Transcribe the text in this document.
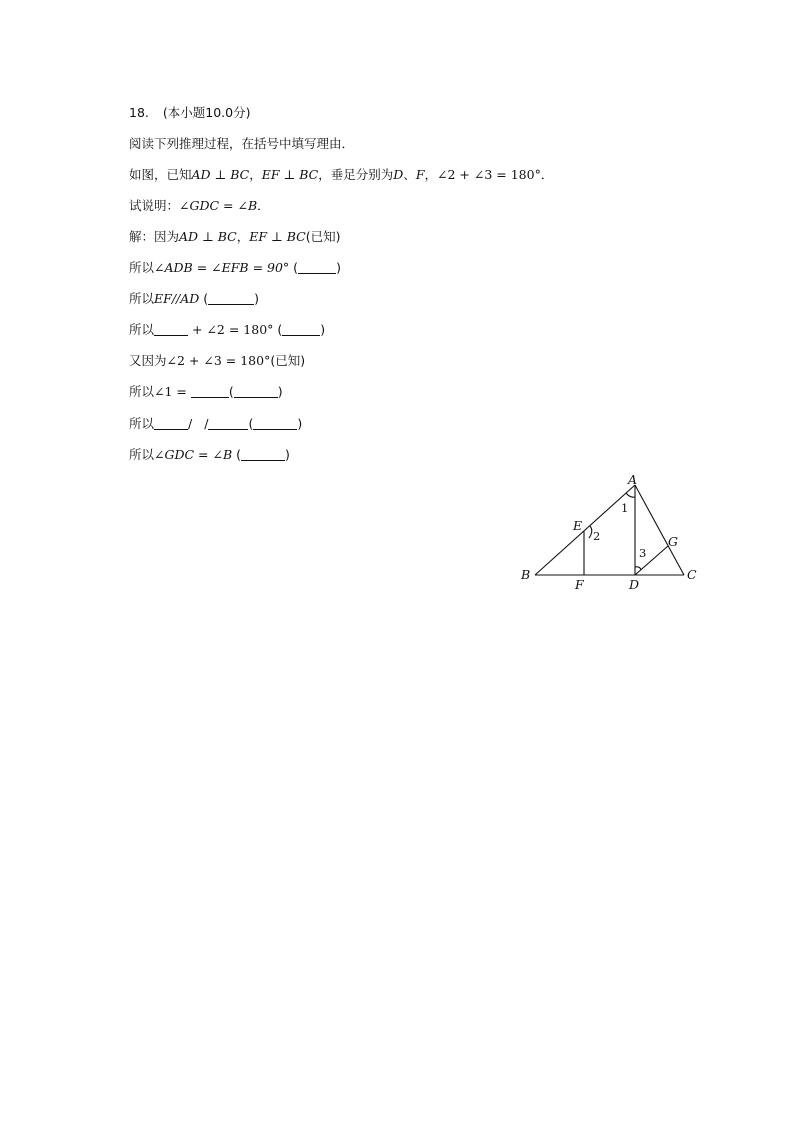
18. (本小题10.0分)
阅读下列推理过程，在括号中填写理由．
如图，已知AD ⊥ BC，EF ⊥ BC，垂足分别为D、F，∠2 + ∠3 = 180°．
试说明：∠GDC = ∠B．
解：因为AD ⊥ BC，EF ⊥ BC(已知)
所以∠ADB = ∠EFB = 90° (	)
所以EF//AD (	)
所以	+ ∠2 = 180° (	)
又因为∠2 + ∠3 = 180°(已知)
所以∠1 =	(	)
所以	/ /	(	)
所以∠GDC = ∠B (	)
A
B	C
D
E
F
G
1
2
3
